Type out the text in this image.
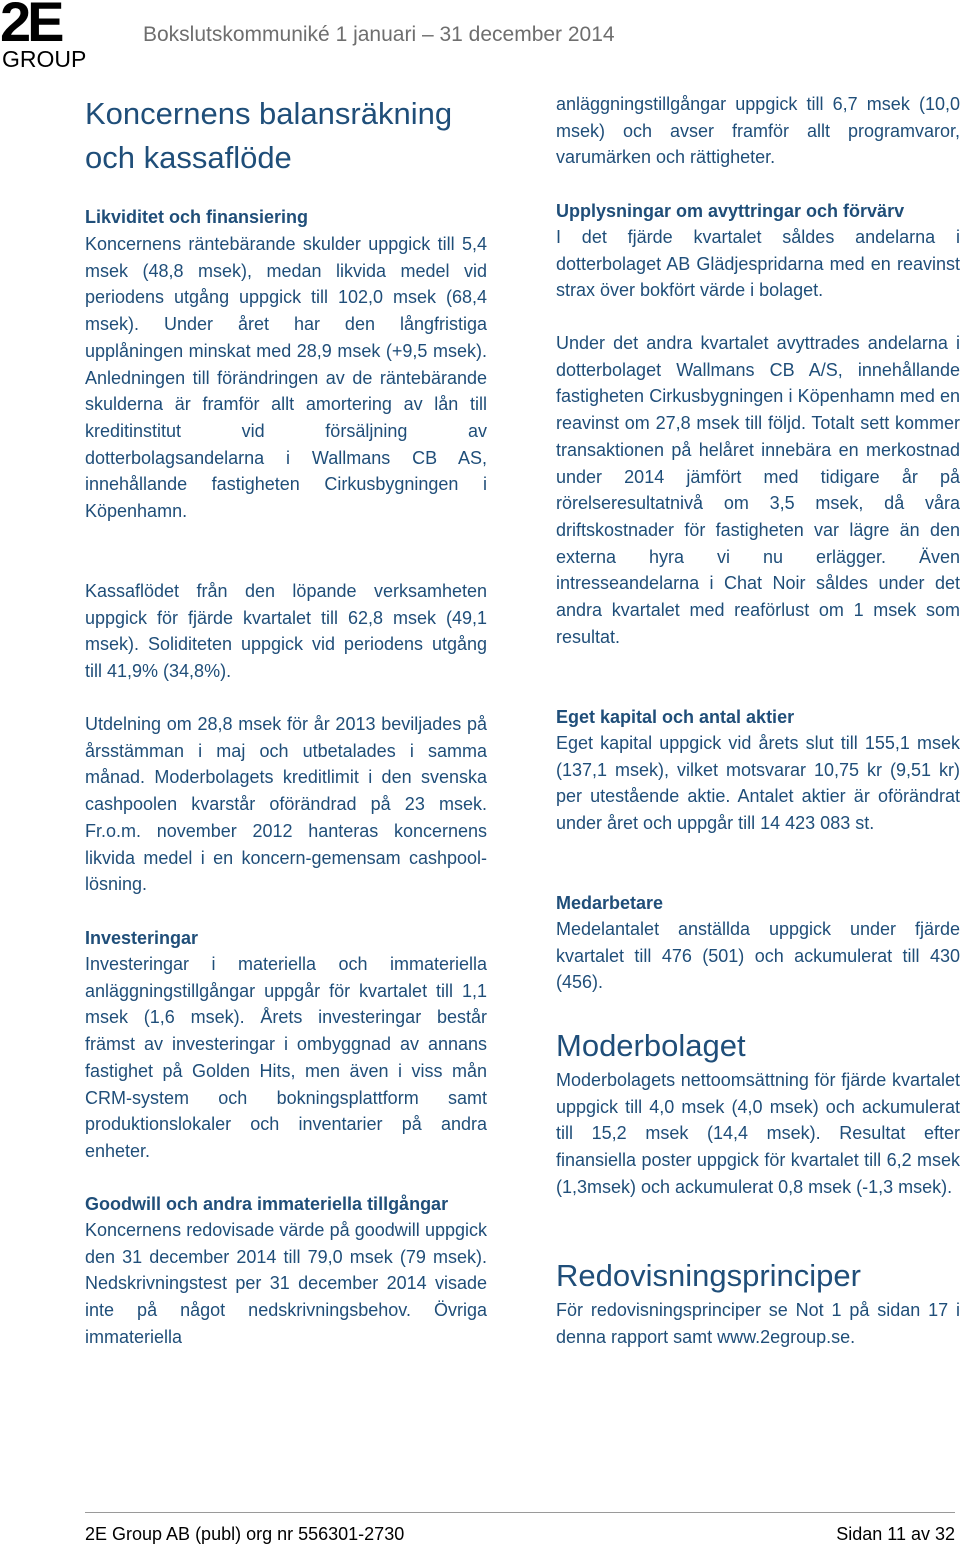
2E
GROUP
Bokslutskommuniké 1 januari – 31 december 2014
Koncernens balansräkning
och kassaflöde
Likviditet och finansiering

Koncernens räntebärande skulder uppgick till 5,4 msek (48,8 msek), medan likvida medel vid periodens utgång uppgick till 102,0 msek (68,4 msek). Under året har den långfristiga upplåningen minskat med 28,9 msek (+9,5 msek). Anledningen till förändringen av de räntebärande skulderna är framför allt amortering av lån till kreditinstitut vid försäljning av dotterbolagsandelarna i Wallmans CB AS, innehållande fastigheten Cirkusbygningen i Köpenhamn.

Kassaflödet från den löpande verksamheten uppgick för fjärde kvartalet till 62,8 msek (49,1 msek). Soliditeten uppgick vid periodens utgång till 41,9% (34,8%).

Utdelning om 28,8 msek för år 2013 beviljades på årsstämman i maj och utbetalades i samma månad. Moderbolagets kreditlimit i den svenska cashpoolen kvarstår oförändrad på 23 msek. Fr.o.m. november 2012 hanteras koncernens likvida medel i en koncern-gemensam cashpool-lösning.

Investeringar

Investeringar i materiella och immateriella anläggningstillgångar uppgår för kvartalet till 1,1 msek (1,6 msek). Årets investeringar består främst av investeringar i ombyggnad av annans fastighet på Golden Hits, men även i viss mån CRM-system och bokningsplattform samt produktionslokaler och inventarier på andra enheter.

Goodwill och andra immateriella tillgångar

Koncernens redovisade värde på goodwill uppgick den 31 december 2014 till 79,0 msek (79 msek). Nedskrivningstest per 31 december 2014 visade inte på något nedskrivningsbehov. Övriga immateriella

anläggningstillgångar uppgick till 6,7 msek (10,0 msek) och avser framför allt programvaror, varumärken och rättigheter.

Upplysningar om avyttringar och förvärv

I det fjärde kvartalet såldes andelarna i dotterbolaget AB Glädjespridarna med en reavinst strax över bokfört värde i bolaget.

Under det andra kvartalet avyttrades andelarna i dotterbolaget Wallmans CB A/S, innehållande fastigheten Cirkusbygningen i Köpenhamn med en reavinst om 27,8 msek till följd. Totalt sett kommer transaktionen på helåret innebära en merkostnad under 2014 jämfört med tidigare år på rörelseresultatnivå om 3,5 msek, då våra driftskostnader för fastigheten var lägre än den externa hyra vi nu erlägger. Även intresseandelarna i Chat Noir såldes under det andra kvartalet med reaförlust om 1 msek som resultat.

Eget kapital och antal aktier

Eget kapital uppgick vid årets slut till 155,1 msek (137,1 msek), vilket motsvarar 10,75 kr (9,51 kr) per utestående aktie. Antalet aktier är oförändrat under året och uppgår till 14 423 083 st.

Medarbetare

Medelantalet anställda uppgick under fjärde kvartalet till 476 (501) och ackumulerat till 430 (456).

Moderbolaget

Moderbolagets nettoomsättning för fjärde kvartalet uppgick till 4,0 msek (4,0 msek) och ackumulerat till 15,2 msek (14,4 msek). Resultat efter finansiella poster uppgick för kvartalet till 6,2 msek (1,3msek) och ackumulerat 0,8 msek (-1,3 msek).

Redovisningsprinciper

För redovisningsprinciper se Not 1 på sidan 17 i denna rapport samt www.2egroup.se.

2E Group AB (publ) org nr 556301-2730	Sidan 11 av 32
